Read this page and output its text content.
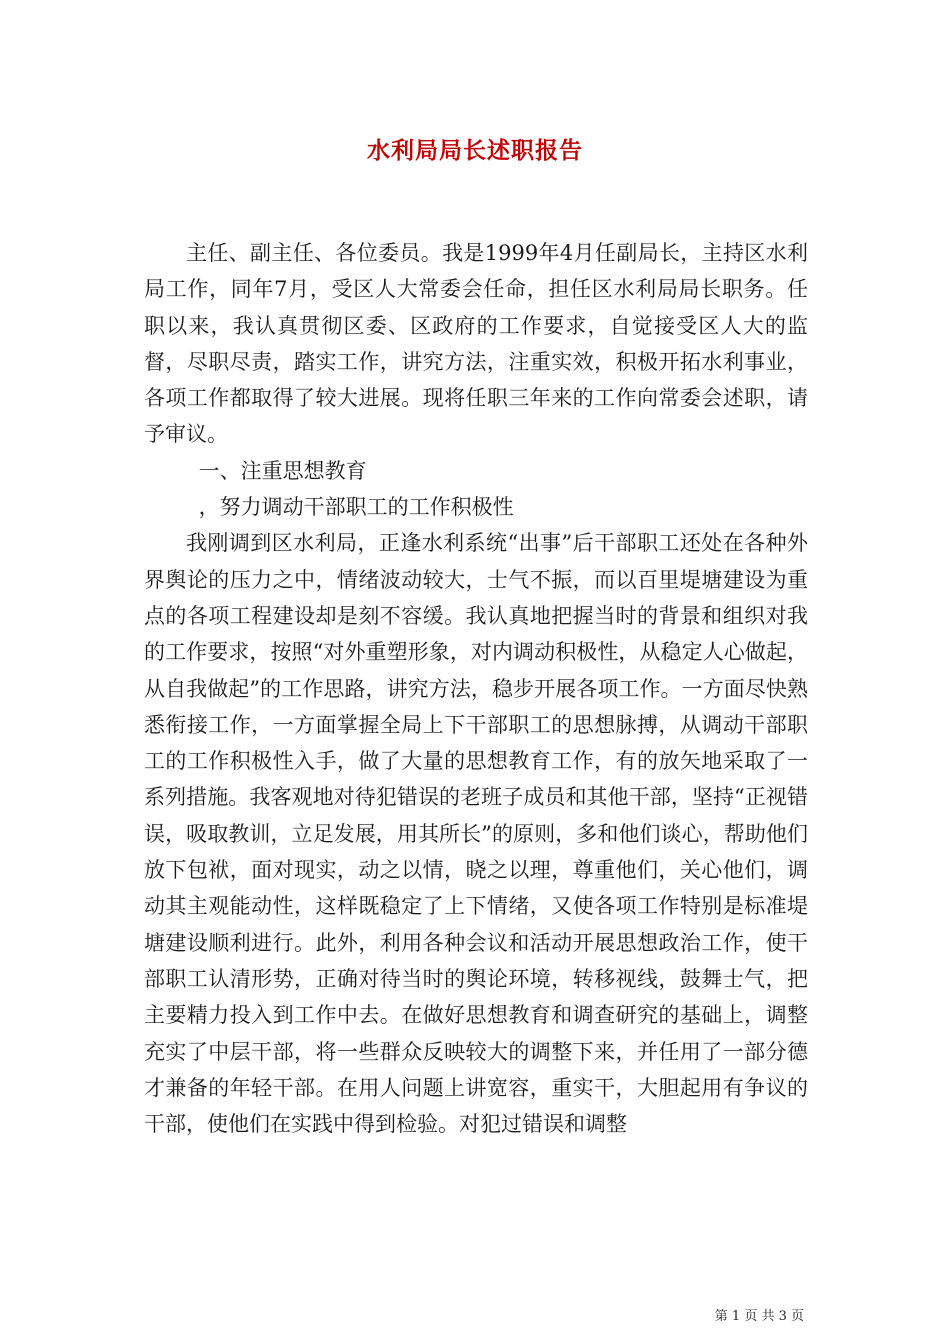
水利局局长述职报告

主任、副主任、各位委员。我是1999年4月任副局长，主持区水利局工作，同年7月，受区人大常委会任命，担任区水利局局长职务。任职以来，我认真贯彻区委、区政府的工作要求，自觉接受区人大的监督，尽职尽责，踏实工作，讲究方法，注重实效，积极开拓水利事业，各项工作都取得了较大进展。现将任职三年来的工作向常委会述职，请予审议。

一、注重思想教育

，努力调动干部职工的工作积极性

我刚调到区水利局，正逢水利系统“出事”后干部职工还处在各种外界舆论的压力之中，情绪波动较大，士气不振，而以百里堤塘建设为重点的各项工程建设却是刻不容缓。我认真地把握当时的背景和组织对我的工作要求，按照“对外重塑形象，对内调动积极性，从稳定人心做起，从自我做起”的工作思路，讲究方法，稳步开展各项工作。一方面尽快熟悉衔接工作，一方面掌握全局上下干部职工的思想脉搏，从调动干部职工的工作积极性入手，做了大量的思想教育工作，有的放矢地采取了一系列措施。我客观地对待犯错误的老班子成员和其他干部，坚持“正视错误，吸取教训，立足发展，用其所长”的原则，多和他们谈心，帮助他们放下包袱，面对现实，动之以情，晓之以理，尊重他们，关心他们，调动其主观能动性，这样既稳定了上下情绪，又使各项工作特别是标准堤塘建设顺利进行。此外，利用各种会议和活动开展思想政治工作，使干部职工认清形势，正确对待当时的舆论环境，转移视线，鼓舞士气，把主要精力投入到工作中去。在做好思想教育和调查研究的基础上，调整充实了中层干部，将一些群众反映较大的调整下来，并任用了一部分德才兼备的年轻干部。在用人问题上讲宽容，重实干，大胆起用有争议的干部，使他们在实践中得到检验。对犯过错误和调整

第 1 页 共 3 页
